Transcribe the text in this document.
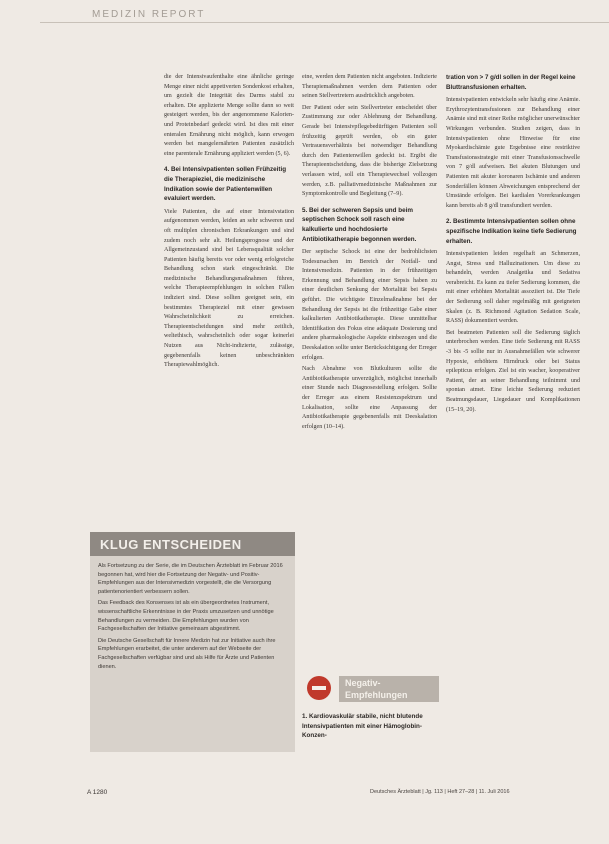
MEDIZIN REPORT

die der Intensivaufenthalte eine ähnliche geringe Menge einer nicht appetiverten Sondenkost erhalten, um gezielt die Integrität des Darms stabil zu erhalten. Die applizierte Menge sollte dann so weit gesteigert werden, bis der angenommene Kalorien- und Proteinbedarf gedeckt wird. Ist dies mit einer enteralen Ernährung nicht möglich, kann erwogen werden bei mangelernährten Patienten zusätzlich eine parenterale Ernährung appliziert werden (5, 6).

4. Bei Intensivpatienten sollen Frühzeitig die Therapieziel, die medizinische Indikation sowie der Patientenwillen evaluiert werden.

Viele Patienten, die auf einer Intensivstation aufgenommen werden, leiden an sehr schweren und oft multiplen chronischen Erkrankungen und sind zudem noch sehr alt. Heilungsprognose und der Allgemeinzustand sind bei Lebensqualität solcher Patienten häufig bereits vor oder wenig erfolgreiche Behandlung schon stark eingeschränkt. Die medizinische Behandlungsmaßnahmen führen, welche Therapieempfehlungen in solchen Fällen indiziert sind. Diese sollten geeignet sein, ein bestimmtes Therapieziel mit einer gewissen Wahrscheinlichkeit zu erreichen. Therapieentscheidungen sind mehr zeitlich, weltethisch, wahrscheinlich oder sogar keinerlei Nutzen aus Nicht-indizierte, zulässige, gegebenenfalls keinen unbeschränkten Therapiewahlmöglich.

KLUG ENTSCHEIDEN

Als Fortsetzung zu der Serie, die im Deutschen Ärzteblatt im Februar 2016 begonnen hat, wird hier die Fortsetzung der Negativ- und Positiv-Empfehlungen aus der Intensivmedizin vorgestellt, die die Versorgung patientenorientiert verbessern sollen.

Das Feedback des Konsenses ist als ein übergeordnetes Instrument, wissenschaftliche Erkenntnisse in der Praxis umzusetzen und unnötige Behandlungen zu vermeiden. Die Empfehlungen wurden von Fachgesellschaften der Initiative gemeinsam abgestimmt.

Die Deutsche Gesellschaft für Innere Medizin hat zur Initiative auch ihre Empfehlungen erarbeitet, die unter anderem auf der Webseite der Fachgesellschaften verfügbar sind und als Hilfe für Ärzte und Patienten dienen.

eine, werden dem Patienten nicht angeboten. Indizierte Therapiemaßnahmen werden dem Patienten oder seinen Stellvertretern ausdrücklich angeboten.

Der Patient oder sein Stellvertreter entscheidet über Zustimmung zur oder Ablehnung der Behandlung. Gerade bei Intensivpflegebedürftigen Patienten soll frühzeitig geprüft werden, ob ein guter Vertrauensverhältnis bei notwendiger Behandlung durch den Patientenwillen gedeckt ist. Ergibt die Therapieentscheidung, dass die bisherige Zielsetzung verlassen wird, soll ein Therapiewechsel vollzogen werden, z.B. palliativmedizinische Maßnahmen zur Symptomkontrolle und Begleitung (7–9).

5. Bei der schweren Sepsis und beim septischen Schock soll rasch eine kalkulierte und hochdosierte Antibiotikatherapie begonnen werden.

Der septische Schock ist eine der bedrohlichsten Todesursachen im Bereich der Notfall- und Intensivmedizin. Patienten in der frühzeitigen Erkennung und Behandlung einer Sepsis haben zu einer deutlichen Senkung der Mortalität bei Sepsis geführt. Die wichtigste Einzelmaßnahme bei der Behandlung der Sepsis ist die frühzeitige Gabe einer kalkulierten Antibiotikatherapie. Diese unmittelbar Identifikation des Fokus eine adäquate Dosierung und andere pharmakologische Aspekte einbezogen und die Deeskalation sollte unter Berücksichtigung der Erreger erfolgen.

Nach Abnahme von Blutkulturen sollte die Antibiotikatherapie unverzüglich, möglichst innerhalb einer Stunde nach Diagnosestellung erfolgen. Sollte der Erreger aus einem Resistenzspektrum und Lokalisation, sollte eine Anpassung der Antibiotikatherapie gegebenenfalls mit Deeskalation erfolgen (10–14).

Negativ-Empfehlungen
1. Kardiovaskulär stabile, nicht blutende Intensivpatienten mit einer Hämoglobin-Konzen-
tration von > 7 g/dl sollen in der Regel keine Bluttransfusionen erhalten.

Intensivpatienten entwickeln sehr häufig eine Anämie. Erythrozytentransfusionen zur Behandlung einer Anämie sind mit einer Reihe möglicher unerwünschter Wirkungen verbunden. Studien zeigen, dass in Intensivpatienten ohne Hinweise für eine Myokardischämie gute Ergebnisse eine restriktive Transfusionsstrategie mit einer Transfusionsschwelle von 7 g/dl aufweisen. Bei akuten Blutungen und Patienten mit akuter koronaren Ischämie und anderen Sonderfällen können Abweichungen entsprechend der Umstände erfolgen. Bei kardialen Vorerkrankungen kann bereits ab 8 g/dl transfundiert werden.

2. Bestimmte Intensivpatienten sollen ohne spezifische Indikation keine tiefe Sedierung erhalten.

Intensivpatienten leiden regelhaft an Schmerzen, Angst, Stress und Halluzinationen. Um diese zu behandeln, werden Analgetika und Sedativa verabreicht. Es kann zu tiefer Sedierung kommen, die mit einer erhöhten Mortalität assoziiert ist. Die Tiefe der Sedierung soll daher regelmäßig mit geeigneten Skalen (z. B. Richmond Agitation Sedation Scale, RASS) dokumentiert werden.

Bei beatmeten Patienten soll die Sedierung täglich unterbrochen werden. Eine tiefe Sedierung mit RASS -3 bis -5 sollte nur in Ausnahmefällen wie schwerer Hypoxie, erhöhtem Hirndruck oder bei Status epilepticus erfolgen. Ziel ist ein wacher, kooperativer Patient, der an seiner Behandlung teilnimmt und spontan atmet. Eine leichte Sedierung reduziert Beatmungsdauer, Liegedauer und Komplikationen (15–19, 20).

A 1280	Deutsches Ärzteblatt | Jg. 113 | Heft 27–28 | 11. Juli 2016
